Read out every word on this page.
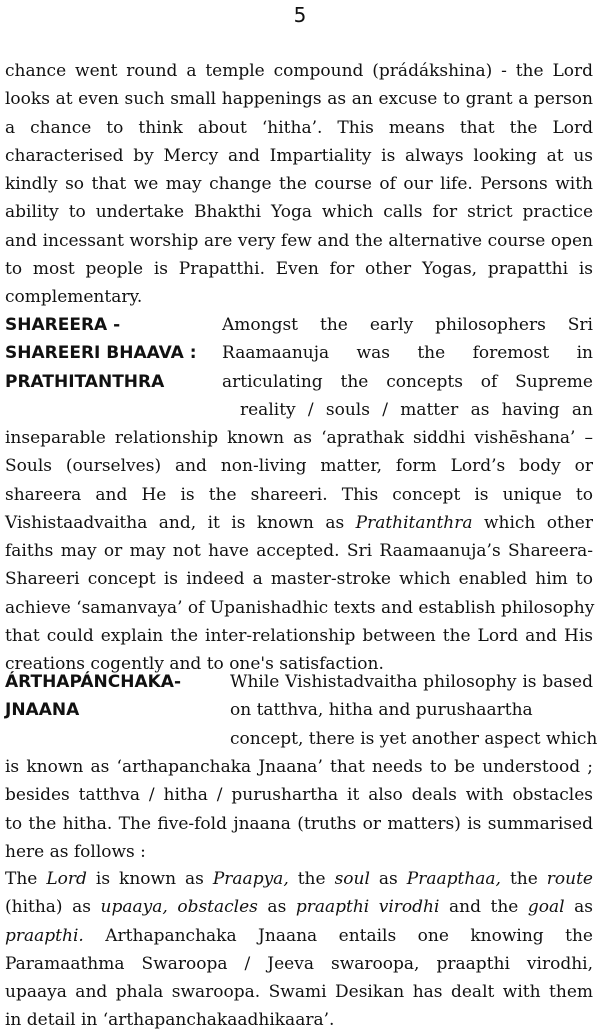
5
chance went round a temple compound (prádákshina) - the Lord
looks at even such small happenings as an excuse to grant a person
a chance to think about ‘hitha’. This means that the Lord
characterised by Mercy and Impartiality is always looking at us
kindly so that we may change the course of our life. Persons with
ability to undertake Bhakthi Yoga which calls for strict practice
and incessant worship are very few and the alternative course open
to most people is Prapatthi. Even for other Yogas, prapatthi is
complementary.
SHAREERA -
SHAREERI BHAAVA :
PRATHITANTHRA
Amongst the early philosophers Sri
Raamaanuja was the foremost in
articulating the concepts of Supreme
reality / souls / matter as having an
inseparable relationship known as ‘aprathak siddhi vishēshana’ –
Souls (ourselves) and non-living matter, form Lord’s body or
shareera and He is the shareeri. This concept is unique to
Vishistaadvaitha and, it is known as Prathitanthra which other
faiths may or may not have accepted. Sri Raamaanuja’s Shareera-
Shareeri concept is indeed a master-stroke which enabled him to
achieve ‘samanvaya’ of Upanishadhic texts and establish philosophy
that could explain the inter-relationship between the Lord and His
creations cogently and to one's satisfaction.
ÁRTHAPÁNCHAKA-
JNAANA
While Vishistadvaitha philosophy is based
on tatthva, hitha and purushaartha
concept, there is yet another aspect which
is known as ‘arthapanchaka Jnaana’ that needs to be understood ;
besides tatthva / hitha / purushartha it also deals with obstacles
to the hitha. The five-fold jnaana (truths or matters) is summarised
here as follows :
The Lord is known as Praapya, the soul as Praapthaa, the route
(hitha) as upaaya, obstacles as praapthi virodhi and the goal as
praapthi. Arthapanchaka Jnaana entails one knowing the
Paramaathma Swaroopa / Jeeva swaroopa, praapthi virodhi,
upaaya and phala swaroopa. Swami Desikan has dealt with them
in detail in ‘arthapanchakaadhikaara’.
